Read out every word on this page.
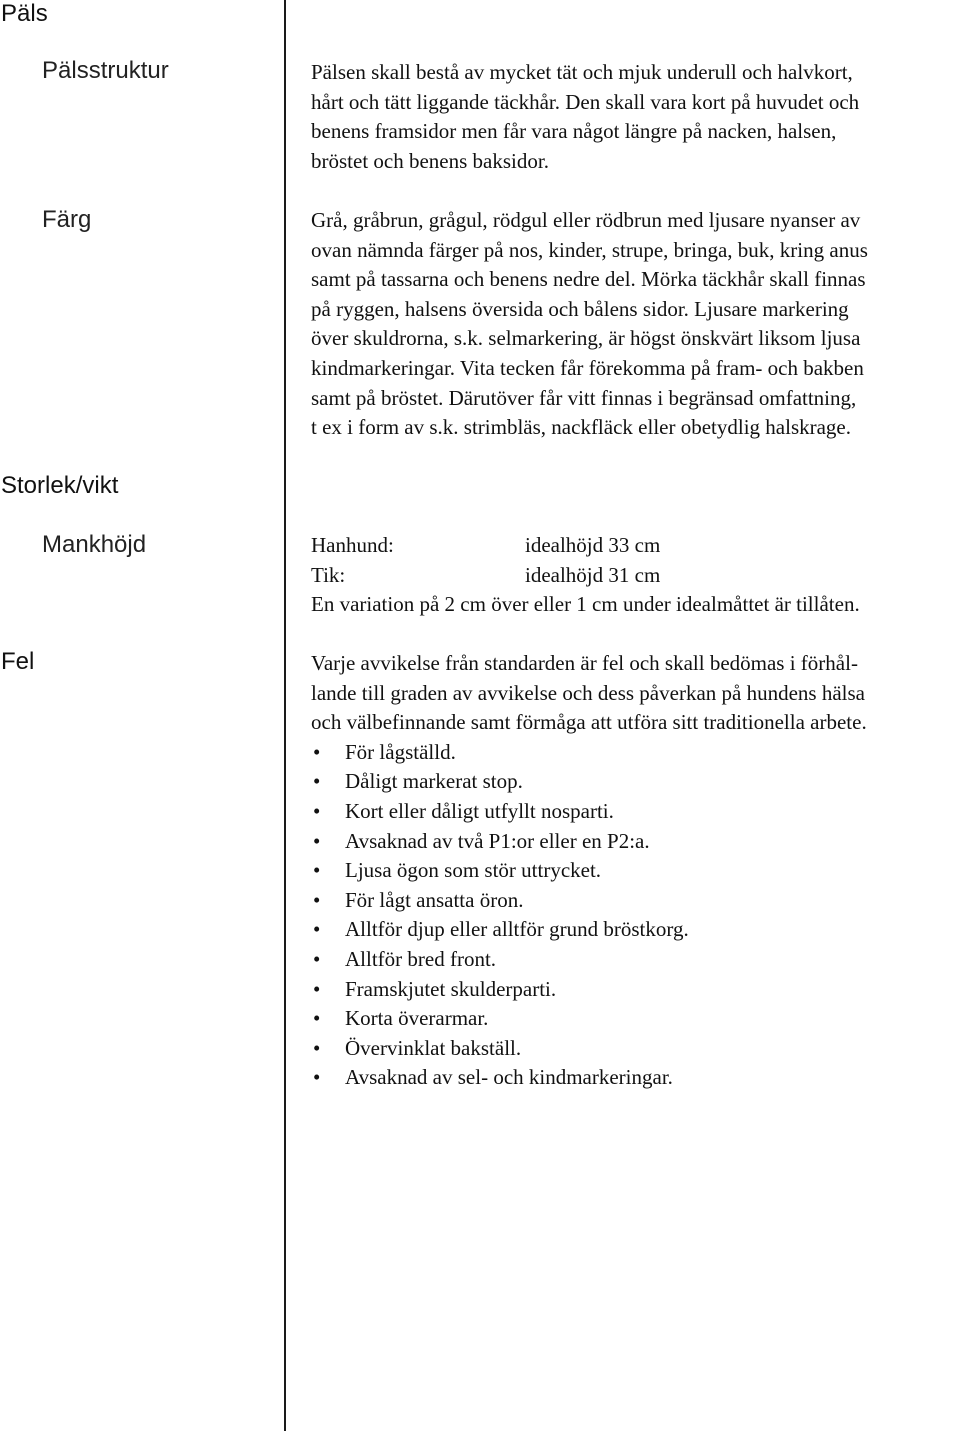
Päls
Pälsstruktur	Pälsen skall bestå av mycket tät och mjuk underull och halvkort,
hårt och tätt liggande täckhår. Den skall vara kort på huvudet och
benens framsidor men får vara något längre på nacken, halsen,
bröstet och benens baksidor.
Färg	Grå, gråbrun, grågul, rödgul eller rödbrun med ljusare nyanser av
ovan nämnda färger på nos, kinder, strupe, bringa, buk, kring anus
samt på tassarna och benens nedre del. Mörka täckhår skall finnas
på ryggen, halsens översida och bålens sidor. Ljusare markering
över skuldrorna, s.k. selmarkering, är högst önskvärt liksom ljusa
kindmarkeringar. Vita tecken får förekomma på fram- och bakben
samt på bröstet. Därutöver får vitt finnas i begränsad omfattning,
t ex i form av s.k. strimbläs, nackfläck eller obetydlig halskrage.
Storlek/vikt
Mankhöjd	Hanhund:	idealhöjd 33 cm
Tik:	idealhöjd 31 cm
En variation på 2 cm över eller 1 cm under idealmåttet är tillåten.
Fel	Varje avvikelse från standarden är fel och skall bedömas i förhål-
lande till graden av avvikelse och dess påverkan på hundens hälsa
och välbefinnande samt förmåga att utföra sitt traditionella arbete.
• För lågställd.
• Dåligt markerat stop.
• Kort eller dåligt utfyllt nosparti.
• Avsaknad av två P1:or eller en P2:a.
• Ljusa ögon som stör uttrycket.
• För lågt ansatta öron.
• Alltför djup eller alltför grund bröstkorg.
• Alltför bred front.
• Framskjutet skulderparti.
• Korta överarmar.
• Övervinklat bakställ.
• Avsaknad av sel- och kindmarkeringar.
